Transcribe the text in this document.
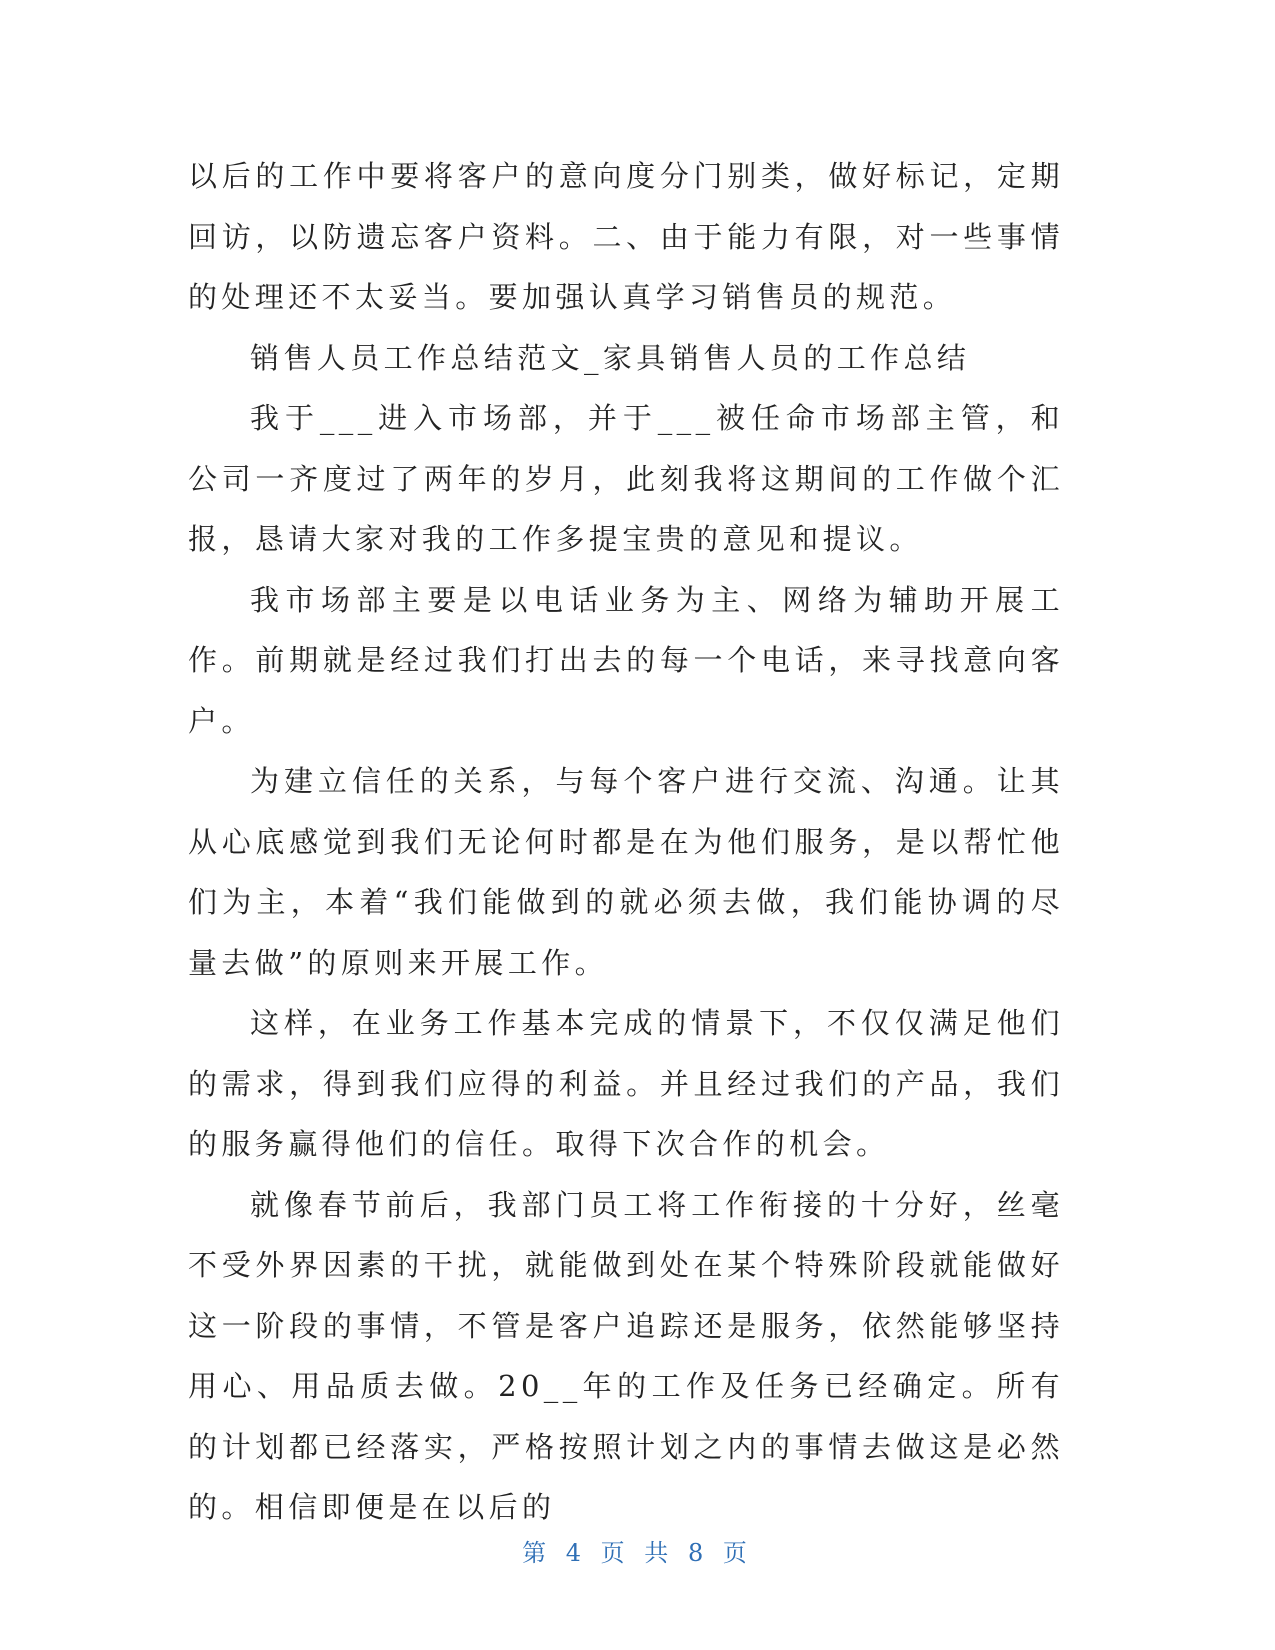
以后的工作中要将客户的意向度分门别类，做好标记，定期回访，以防遗忘客户资料。二、由于能力有限，对一些事情的处理还不太妥当。要加强认真学习销售员的规范。

销售人员工作总结范文_家具销售人员的工作总结

我于___进入市场部，并于___被任命市场部主管，和公司一齐度过了两年的岁月，此刻我将这期间的工作做个汇报，恳请大家对我的工作多提宝贵的意见和提议。

我市场部主要是以电话业务为主、网络为辅助开展工作。前期就是经过我们打出去的每一个电话，来寻找意向客户。

为建立信任的关系，与每个客户进行交流、沟通。让其从心底感觉到我们无论何时都是在为他们服务，是以帮忙他们为主，本着“我们能做到的就必须去做，我们能协调的尽量去做”的原则来开展工作。

这样，在业务工作基本完成的情景下，不仅仅满足他们的需求，得到我们应得的利益。并且经过我们的产品，我们的服务赢得他们的信任。取得下次合作的机会。

就像春节前后，我部门员工将工作衔接的十分好，丝毫不受外界因素的干扰，就能做到处在某个特殊阶段就能做好这一阶段的事情，不管是客户追踪还是服务，依然能够坚持用心、用品质去做。20__年的工作及任务已经确定。所有的计划都已经落实，严格按照计划之内的事情去做这是必然的。相信即便是在以后的

第 4 页 共 8 页
